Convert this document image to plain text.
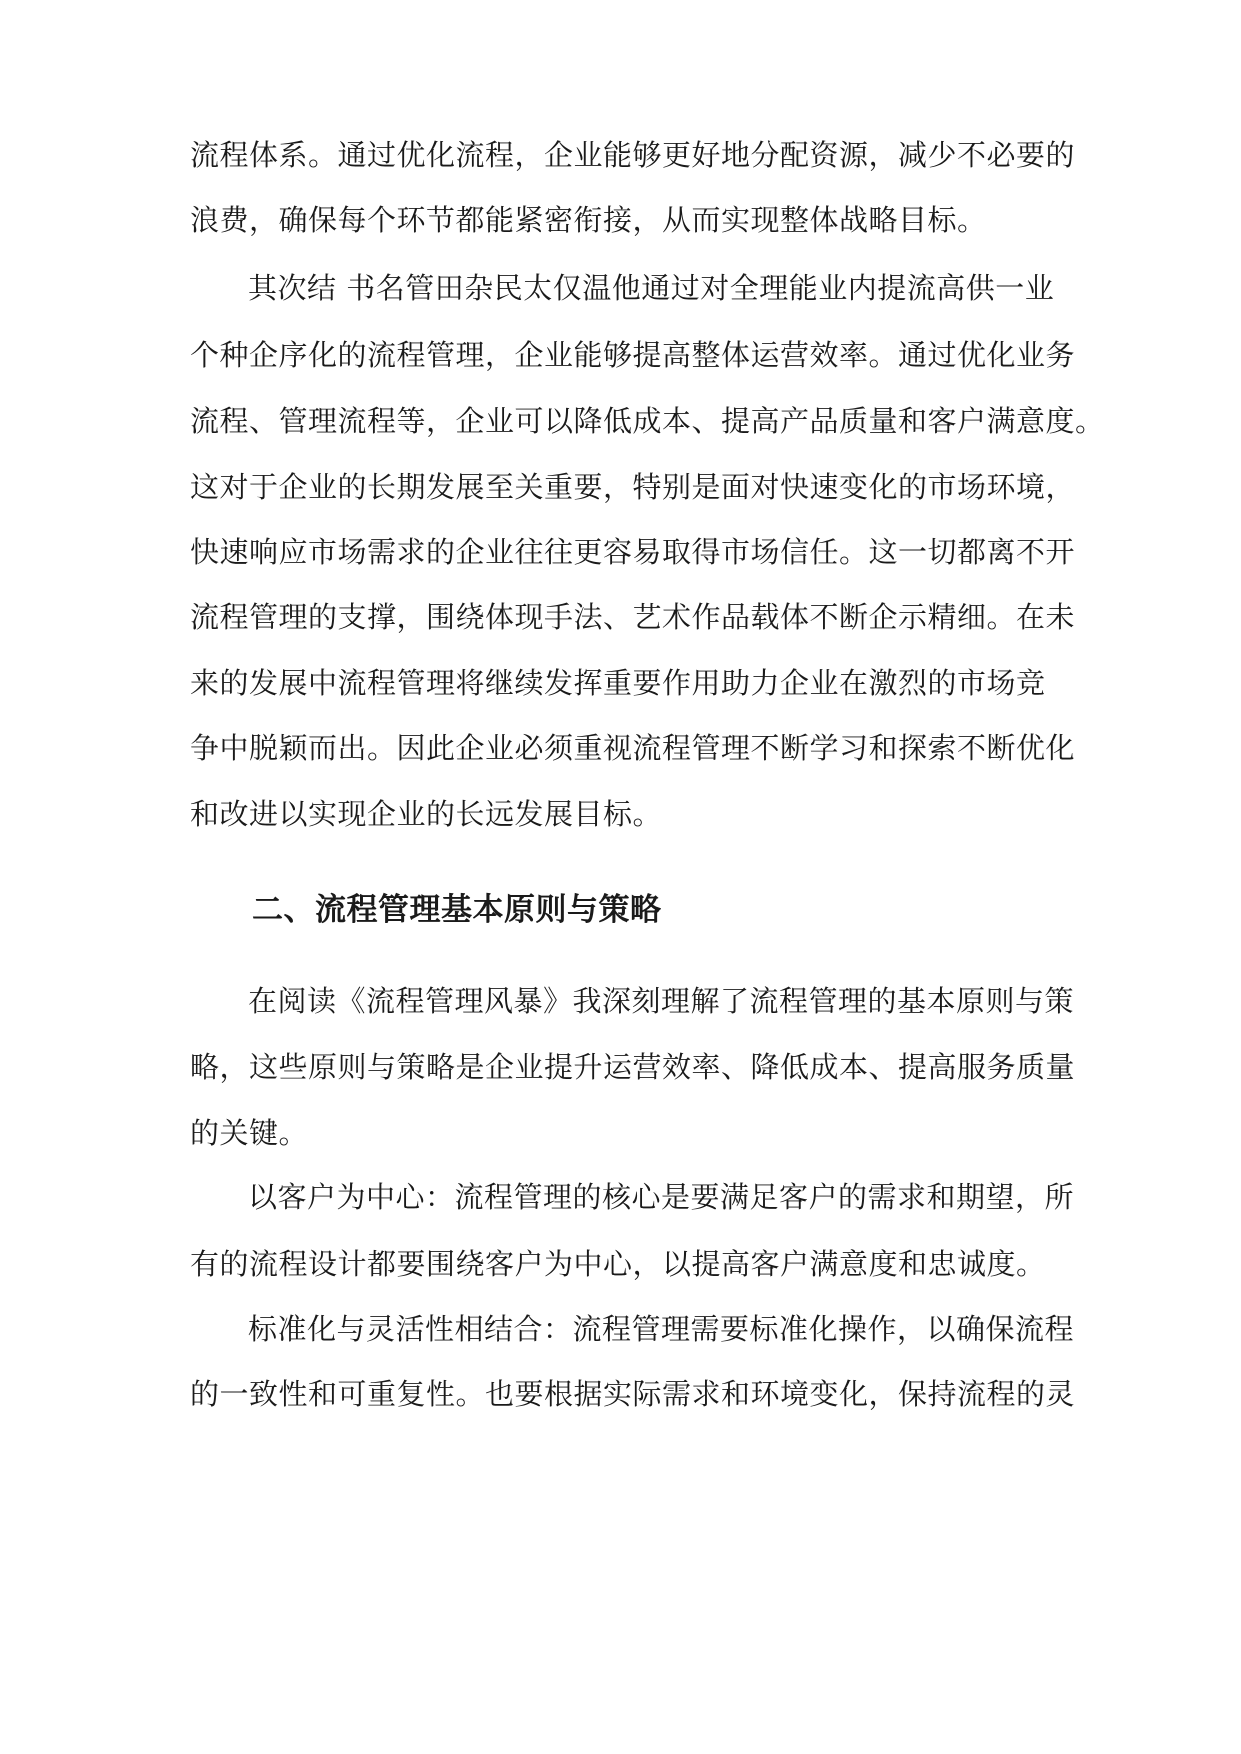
流程体系。通过优化流程，企业能够更好地分配资源，减少不必要的
浪费，确保每个环节都能紧密衔接，从而实现整体战略目标。
其次结 书名管田杂民太仅温他通过对全理能业内提流高供一业
个种企序化的流程管理，企业能够提高整体运营效率。通过优化业务
流程、管理流程等，企业可以降低成本、提高产品质量和客户满意度。
这对于企业的长期发展至关重要，特别是面对快速变化的市场环境，
快速响应市场需求的企业往往更容易取得市场信任。这一切都离不开
流程管理的支撑，围绕体现手法、艺术作品载体不断企示精细。在未
来的发展中流程管理将继续发挥重要作用助力企业在激烈的市场竞
争中脱颖而出。因此企业必须重视流程管理不断学习和探索不断优化
和改进以实现企业的长远发展目标。
二、流程管理基本原则与策略
在阅读《流程管理风暴》我深刻理解了流程管理的基本原则与策
略，这些原则与策略是企业提升运营效率、降低成本、提高服务质量
的关键。
以客户为中心：流程管理的核心是要满足客户的需求和期望，所
有的流程设计都要围绕客户为中心，以提高客户满意度和忠诚度。
标准化与灵活性相结合：流程管理需要标准化操作，以确保流程
的一致性和可重复性。也要根据实际需求和环境变化，保持流程的灵
